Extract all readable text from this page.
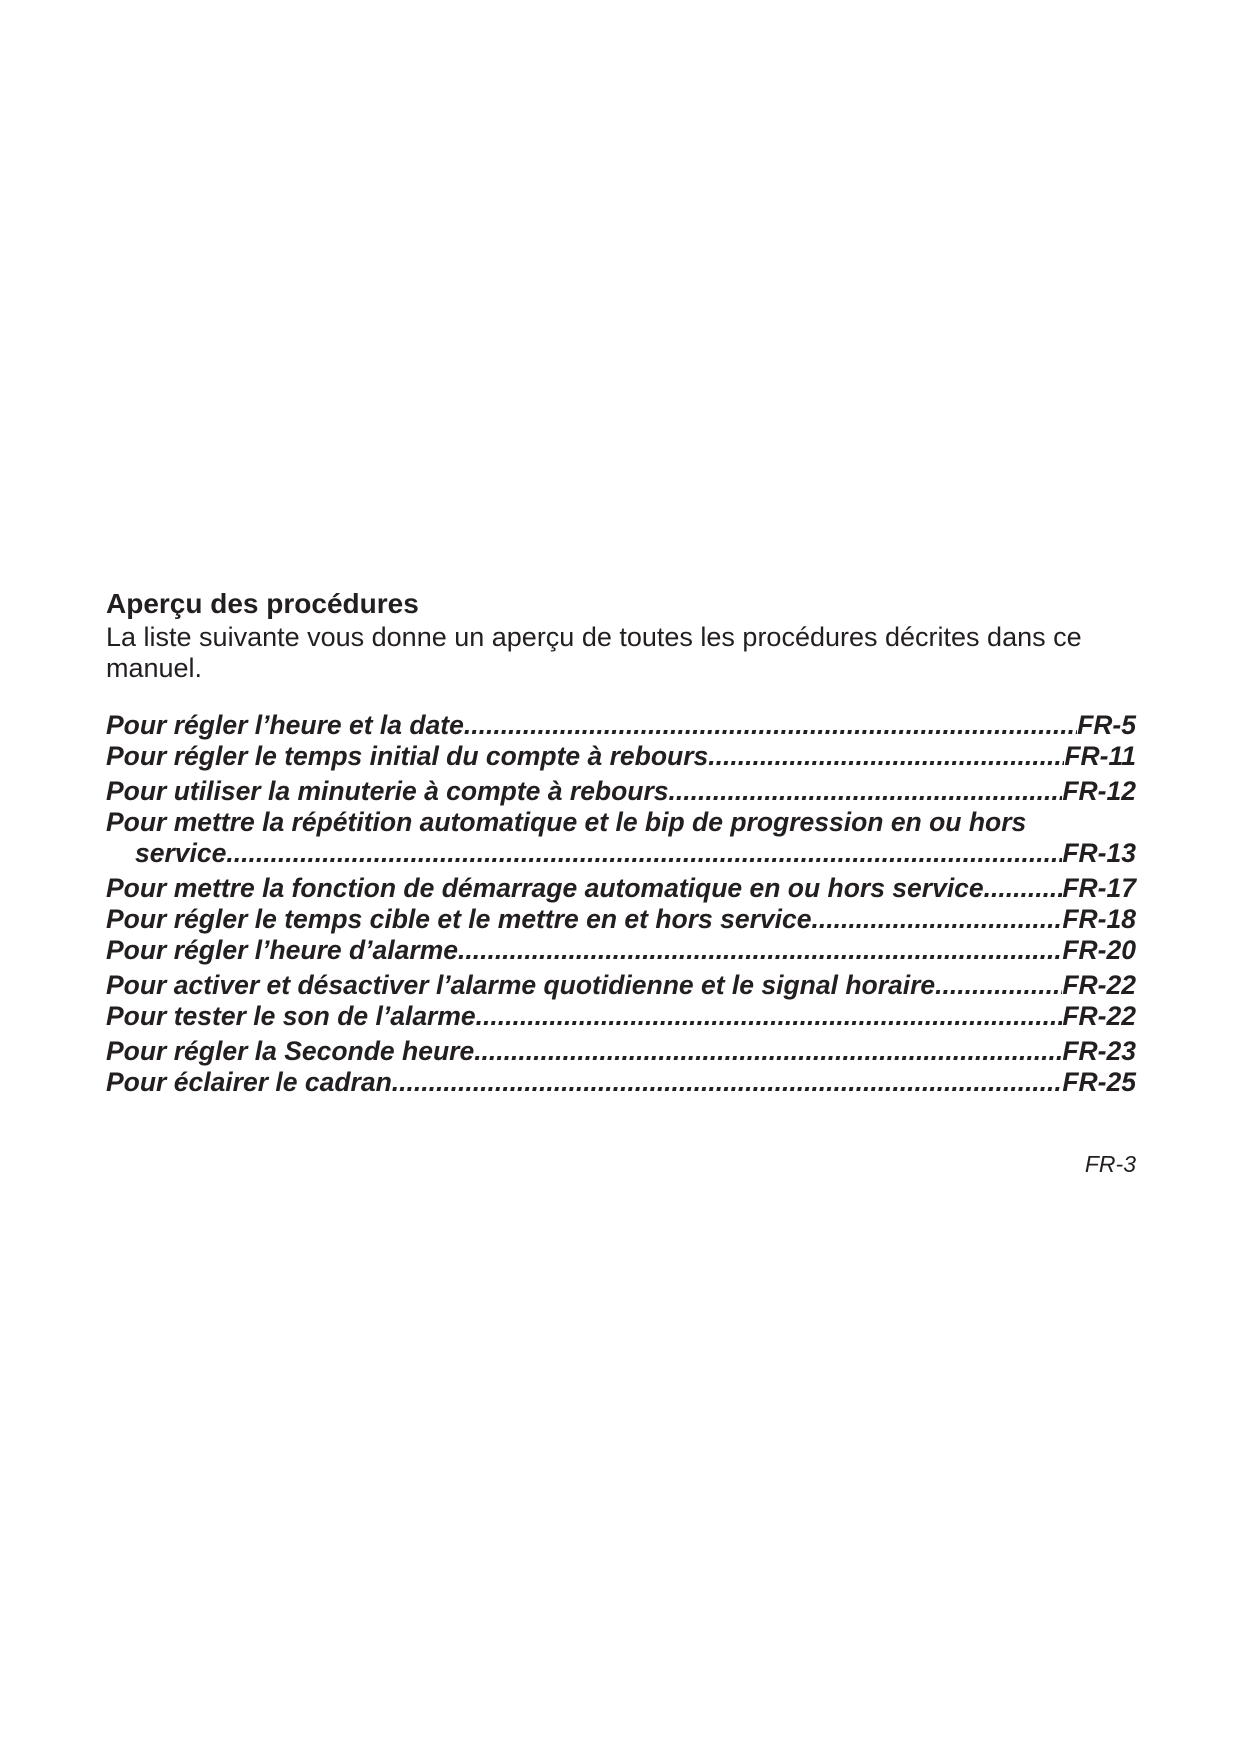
Aperçu des procédures

La liste suivante vous donne un aperçu de toutes les procédures décrites dans ce manuel.

Pour régler l’heure et la date .....	FR-5
Pour régler le temps initial du compte à rebours .....	FR-11
Pour utiliser la minuterie à compte à rebours .....	FR-12
Pour mettre la répétition automatique et le bip de progression en ou hors
service .....	FR-13
Pour mettre la fonction de démarrage automatique en ou hors service .....	FR-17
Pour régler le temps cible et le mettre en et hors service .....	FR-18
Pour régler l’heure d’alarme .....	FR-20
Pour activer et désactiver l’alarme quotidienne et le signal horaire .....	FR-22
Pour tester le son de l’alarme .....	FR-22
Pour régler la Seconde heure .....	FR-23
Pour éclairer le cadran .....	FR-25
FR-3
